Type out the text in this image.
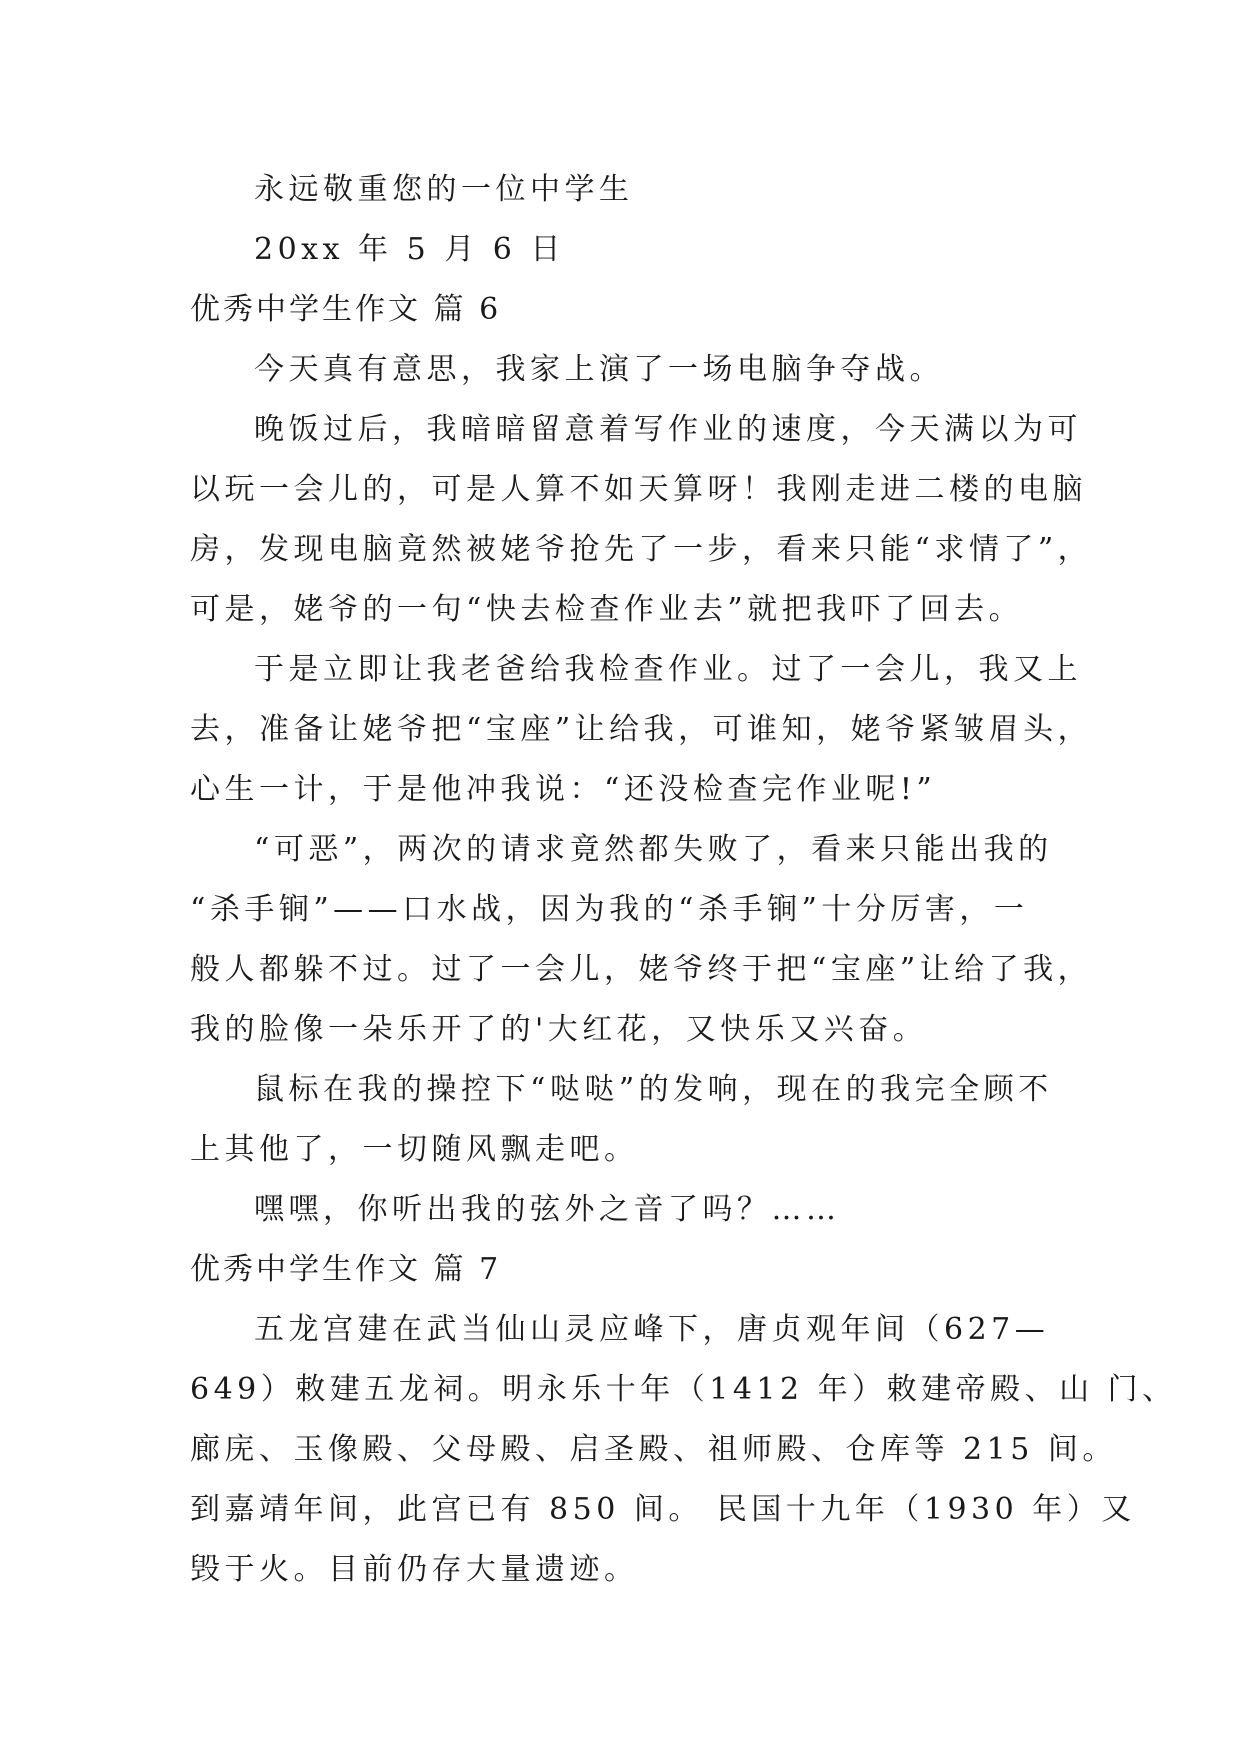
永远敬重您的一位中学生
20xx 年 5 月 6 日
优秀中学生作文 篇 6
今天真有意思，我家上演了一场电脑争夺战。
晚饭过后，我暗暗留意着写作业的速度，今天满以为可
以玩一会儿的，可是人算不如天算呀！我刚走进二楼的电脑
房，发现电脑竟然被姥爷抢先了一步，看来只能“求情了”，
可是，姥爷的一句“快去检查作业去”就把我吓了回去。
于是立即让我老爸给我检查作业。过了一会儿，我又上
去，准备让姥爷把“宝座”让给我，可谁知，姥爷紧皱眉头，
心生一计，于是他冲我说：“还没检查完作业呢!”
“可恶”，两次的请求竟然都失败了，看来只能出我的
“杀手锏”——口水战，因为我的“杀手锏”十分厉害，一
般人都躲不过。过了一会儿，姥爷终于把“宝座”让给了我，
我的脸像一朵乐开了的'大红花，又快乐又兴奋。
鼠标在我的操控下“哒哒”的发响，现在的我完全顾不
上其他了，一切随风飘走吧。
嘿嘿，你听出我的弦外之音了吗？……
优秀中学生作文 篇 7
五龙宫建在武当仙山灵应峰下，唐贞观年间（627—
649）敕建五龙祠。明永乐十年（1412 年）敕建帝殿、山 门、
廊庑、玉像殿、父母殿、启圣殿、祖师殿、仓库等 215 间。
到嘉靖年间，此宫已有 850 间。 民国十九年（1930 年）又
毁于火。目前仍存大量遗迹。
